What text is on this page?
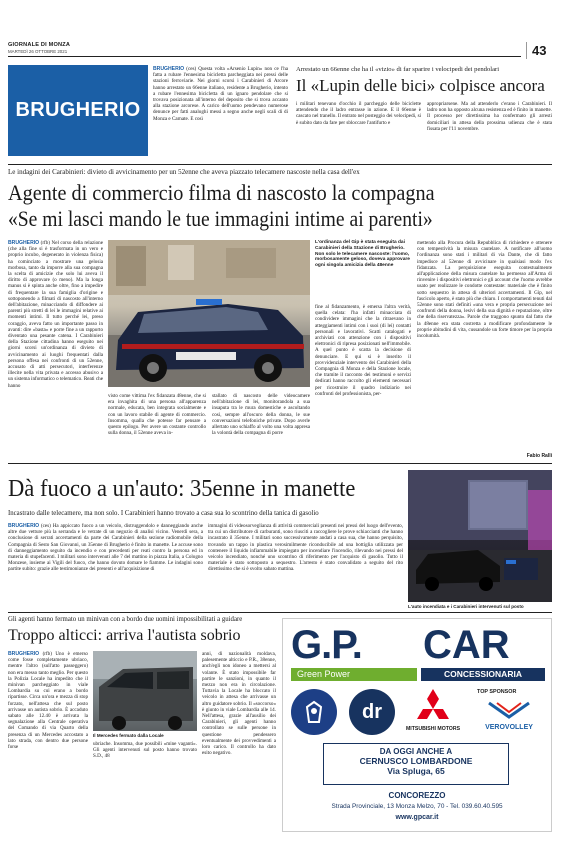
GIORNALE DI MONZA
MARTEDÌ 26 OTTOBRE 2021	43
BRUGHERIO
BRUGHERIO (ces) Questa volta «Arsenio Lupin» non ce l'ha fatta a rubare l'ennesima bicicletta parcheggiata nei pressi delle stazioni ferroviarie. Nei giorni scorsi i Carabinieri di Arcore hanno arrestato un 66enne italiano, residente a Brugherio, intento a rubare l'ennesima bicicletta di un ignaro pendolare che si trovava posizionata all'interno del deposito che si trova accanto alla stazione arcorese. A carico dell'uomo pendevano numerose denunce per fatti analoghi messi a segno anche negli scali di di Monza e Carnate. E così
Arrestato un 66enne che ha il «vizio» di far sparire i velocipedi dei pendolari
Il «Lupin delle bici» colpisce ancora
i militari tenevano d'occhio il parcheggio delle biciclette attendendo che il ladro entrasse in azione. E il 66enne è cascato nel tranello. Il entrato nel posteggio dei velocipedi, si è subito dato da fare per sbloccare l'antifurto e
appropriarsene. Ma ad attenderlo c'erano i Carabinieri. Il ladro non ha opposto alcuna resistenza ed è finito in manette. Il processo per direttissima ha confermato gli arresti domiciliari in attesa della prossima udienza che è stata fissata per l'11 novembre.
Le indagini dei Carabinieri: divieto di avvicinamento per un 52enne che aveva piazzato telecamere nascoste nella casa dell'ex
Agente di commercio filma di nascosto la compagna
«Se mi lasci mando le tue immagini intime ai parenti»
BRUGHERIO (rfb) Nel corso della relazione (che alla fine si è trasformata in un vero e proprio incubo, degenerato in violenza fisica) ha cominciato a mostrare una gelosia morbosa, tanto da imporre alla sua compagna la scelta di amicizie che solo lui aveva il diritto di approvare (o meno). Ma la longa manus si è spinta anche oltre, fino a impedire di frequentare la sua famiglia d'origine e sottoponendo a filmati di nascosto all'interno dell'abitazione, minacciando di diffondere ai parenti più stretti di lei le immagini relative ai momenti intimi. Il tutto perché lei, preso coraggio, aveva fatto un importante passo in avanti: dire «basta» e porre fine a un rapporto diventato una pesante catena. I Carabinieri della Stazione cittadina hanno eseguito nei giorni scorsi un'ordinanza di divieto di avvicinamento ai luoghi frequentati dalla persona offesa nei confronti di un 52enne, accusato di atti persecutori, interferenze illecite nella vita privata e accesso abusivo a un sistema informatico o telematico. Reati che hanno
L'ordinanza del Gip è stata eseguita dai Carabinieri della Stazione di Brugherio. Non solo le telecamere nascoste: l'uomo, morbosamente geloso, doveva approvare ogni singola amicizia della 48enne
visto come vittima l'ex fidanzata 48enne, che si era invaghita di una persona all'apparenza normale, educata, ben integrata socialmente e con un lavoro stabile di agente di commercio. Insomma, qualla che potesse far pensare a questo epilogo. Per avere un costante controllo sulla donna, il 52enne aveva in-
stallato di nascosto delle videocamere nell'abitazione di lei, monitorandola a sua insaputa tra le mura domestiche e ascoltando così, sempre all'oscuro della donna, le sue conversazioni telefoniche private. Dopo averle allertato uno schiaffo al volto una volta appresa la volontà della compagna di porre
fine al fidanzamento, è emersa l'altra verità, quella celata: l'ha infatti minacciata di condividere immagini che la ritraevano in atteggiamenti intimi con i suoi (di lei) contatti personali e lavorativi. Scatti catalogati e archiviati con attenzione con i dispositivi elettronici di ripresa posizionati nell'immobile. A quel punto è scatta la decisione di denunciare. E qui si è inserito il provvidenziale intervento dei Carabinieri della Compagnia di Monza e della Stazione locale, che tramite il racconto dei testimoni e servizi dedicati hanno raccolto gli elementi necessari per ricostruire il quadro indiziario nei confronti del professionista, per-
mettendo alla Procura della Repubblica di richiedere e ottenere con tempestività la misura cautelare. A notificare all'uomo l'ordinanza sono stati i militari di via Dante, che di fatto impedisce al 52enne di avvicinare in qualsiasi modo l'ex fidanzata. La perquisizione eseguita contestualmente all'applicazione della misura cautelare ha permesso all'Arma di rinvenire i dispositivi elettronici e gli account che l'uomo avrebbe usato per realizzare le condotte contestate: materiale che è finito sotto sequestro in attesa di ulteriori accertamenti. Il Gip, nel fascicolo aperto, è stato più che chiaro. I comportamenti tenuti dal 52enne sono stati definiti «una vera e propria persecuzione nei confronti della donna, lesivi della sua dignità e reputazione, oltre che della riservatezza». Parole che traggono spunto dal fatto che la 48enne era stata costretta a modificare profondamente le proprie abitudini di vita, cussandole un forte timore per la propria incolumità.
Fabio Ralli
Dà fuoco a un'auto: 35enne in manette
Incastrato dalle telecamere, ma non solo. I Carabinieri hanno trovato a casa sua lo scontrino della tanica di gasolio
BRUGHERIO (ces) Ha appiccato fuoco a un veicolo, distruggendolo e danneggiando anche altre due vetture più la serranda e le vetrate di un negozio di analisi vicino. Venerdì sera, a conclusione di serrati accertamenti da parte dei Carabinieri della sezione radiomobile della Compagnia di Sesto San Giovanni, un 35enne di Brugherio è finito in manette. Le accuse sono di danneggiamento seguito da incendio e con precedenti per reati contro la persona ed in materia di stupefacenti. I militari sono intervenuti alle 7 del mattino in piazza Italia, a Cologno Monzese, insieme ai Vigili del fuoco, che hanno dovuto domare le fiamme. Le indagini sono partite subito: grazie alle testimonianze dei presenti e all'acquisizione di
immagini di videosorveglianza di attività commerciali presenti nei pressi del luogo dell'evento, tra cui un distributore di carburanti, sono riusciti a raccogliere le prove schiaccianti che hanno incastrato il 35enne. I militari sono successivamente andati a casa sua, che hanno perquisito, trovando un tappo in plastica verosimilmente riconducibile ad una bottiglia utilizzata per contenere il liquido infiammabile impiegato per incendiare l'incendio, rilevando nei pressi del veicolo incendiato, nonché uno scontrino di riferimento per l'acquisto di gasolio. Tutto il materiale è stato sottoposto a sequestro. L'arresto è stato convalidato a seguito del rito direttissimo che si è svolto sabato mattina.
L'auto incendiata e i Carabinieri intervenuti sul posto
Gli agenti hanno fermato un minivan con a bordo due uomini impossibilitati a guidare
Troppo alticci: arriva l'autista sobrio
BRUGHERIO (rfb) Uno è emerso come fosse completamente ubriaco, mentre l'altro (sull'atto passeggero) non era messo tanto meglio. Per questo la Polizia Locale ha impedito che il minivan parcheggiato in viale Lombardia su cui erano a bordo ripartisse. Circa un'ora e mezza di stop forzato, nell'attesa che sul posto arrivasse un autista sobrio. È accaduto sabato alle 12.40 è arrivata la segnalazione alla Centrale operativa del Comando di via Quarto della presenza di un Mercedes accostato a lato strada, con dentro due persone forse
Il Mercedes fermato dalla Locale
ubriache. Insomma, due possibili «mine vaganti». Gli agenti intervenuti sul posto hanno trovato S.D., 48
anni, di nazionalità moldava, palesemente alticcio e P.R., 38enne, anch'egli non idoneo a mettersi al volante. È stato impossibile far partire le sanzioni, in quanto il mezzo non era in circolazione. Tuttavia la Locale ha bloccato il veicolo in attesa che arrivasse un altro guidatore sobrio. Il «soccorso» è giunto in viale Lombardia alle 14. Nell'attesa, grazie all'ausilio dei Carabinieri, gli agenti hanno controllato se sulle persone in questione pendessero eventualmente dei provvedimenti a loro carico. Il controllo ha dato esito negativo.
G.P. CAR
Green Power	CONCESSIONARIA
dr
MITSUBISHI MOTORS
TOP SPONSOR
VEROVOLLEY
DA OGGI ANCHE A
CERNUSCO LOMBARDONE
Via Spluga, 65
CONCOREZZO
Strada Provinciale, 13 Monza Melzo, 70 - Tel. 039.60.40.595
www.gpcar.it
